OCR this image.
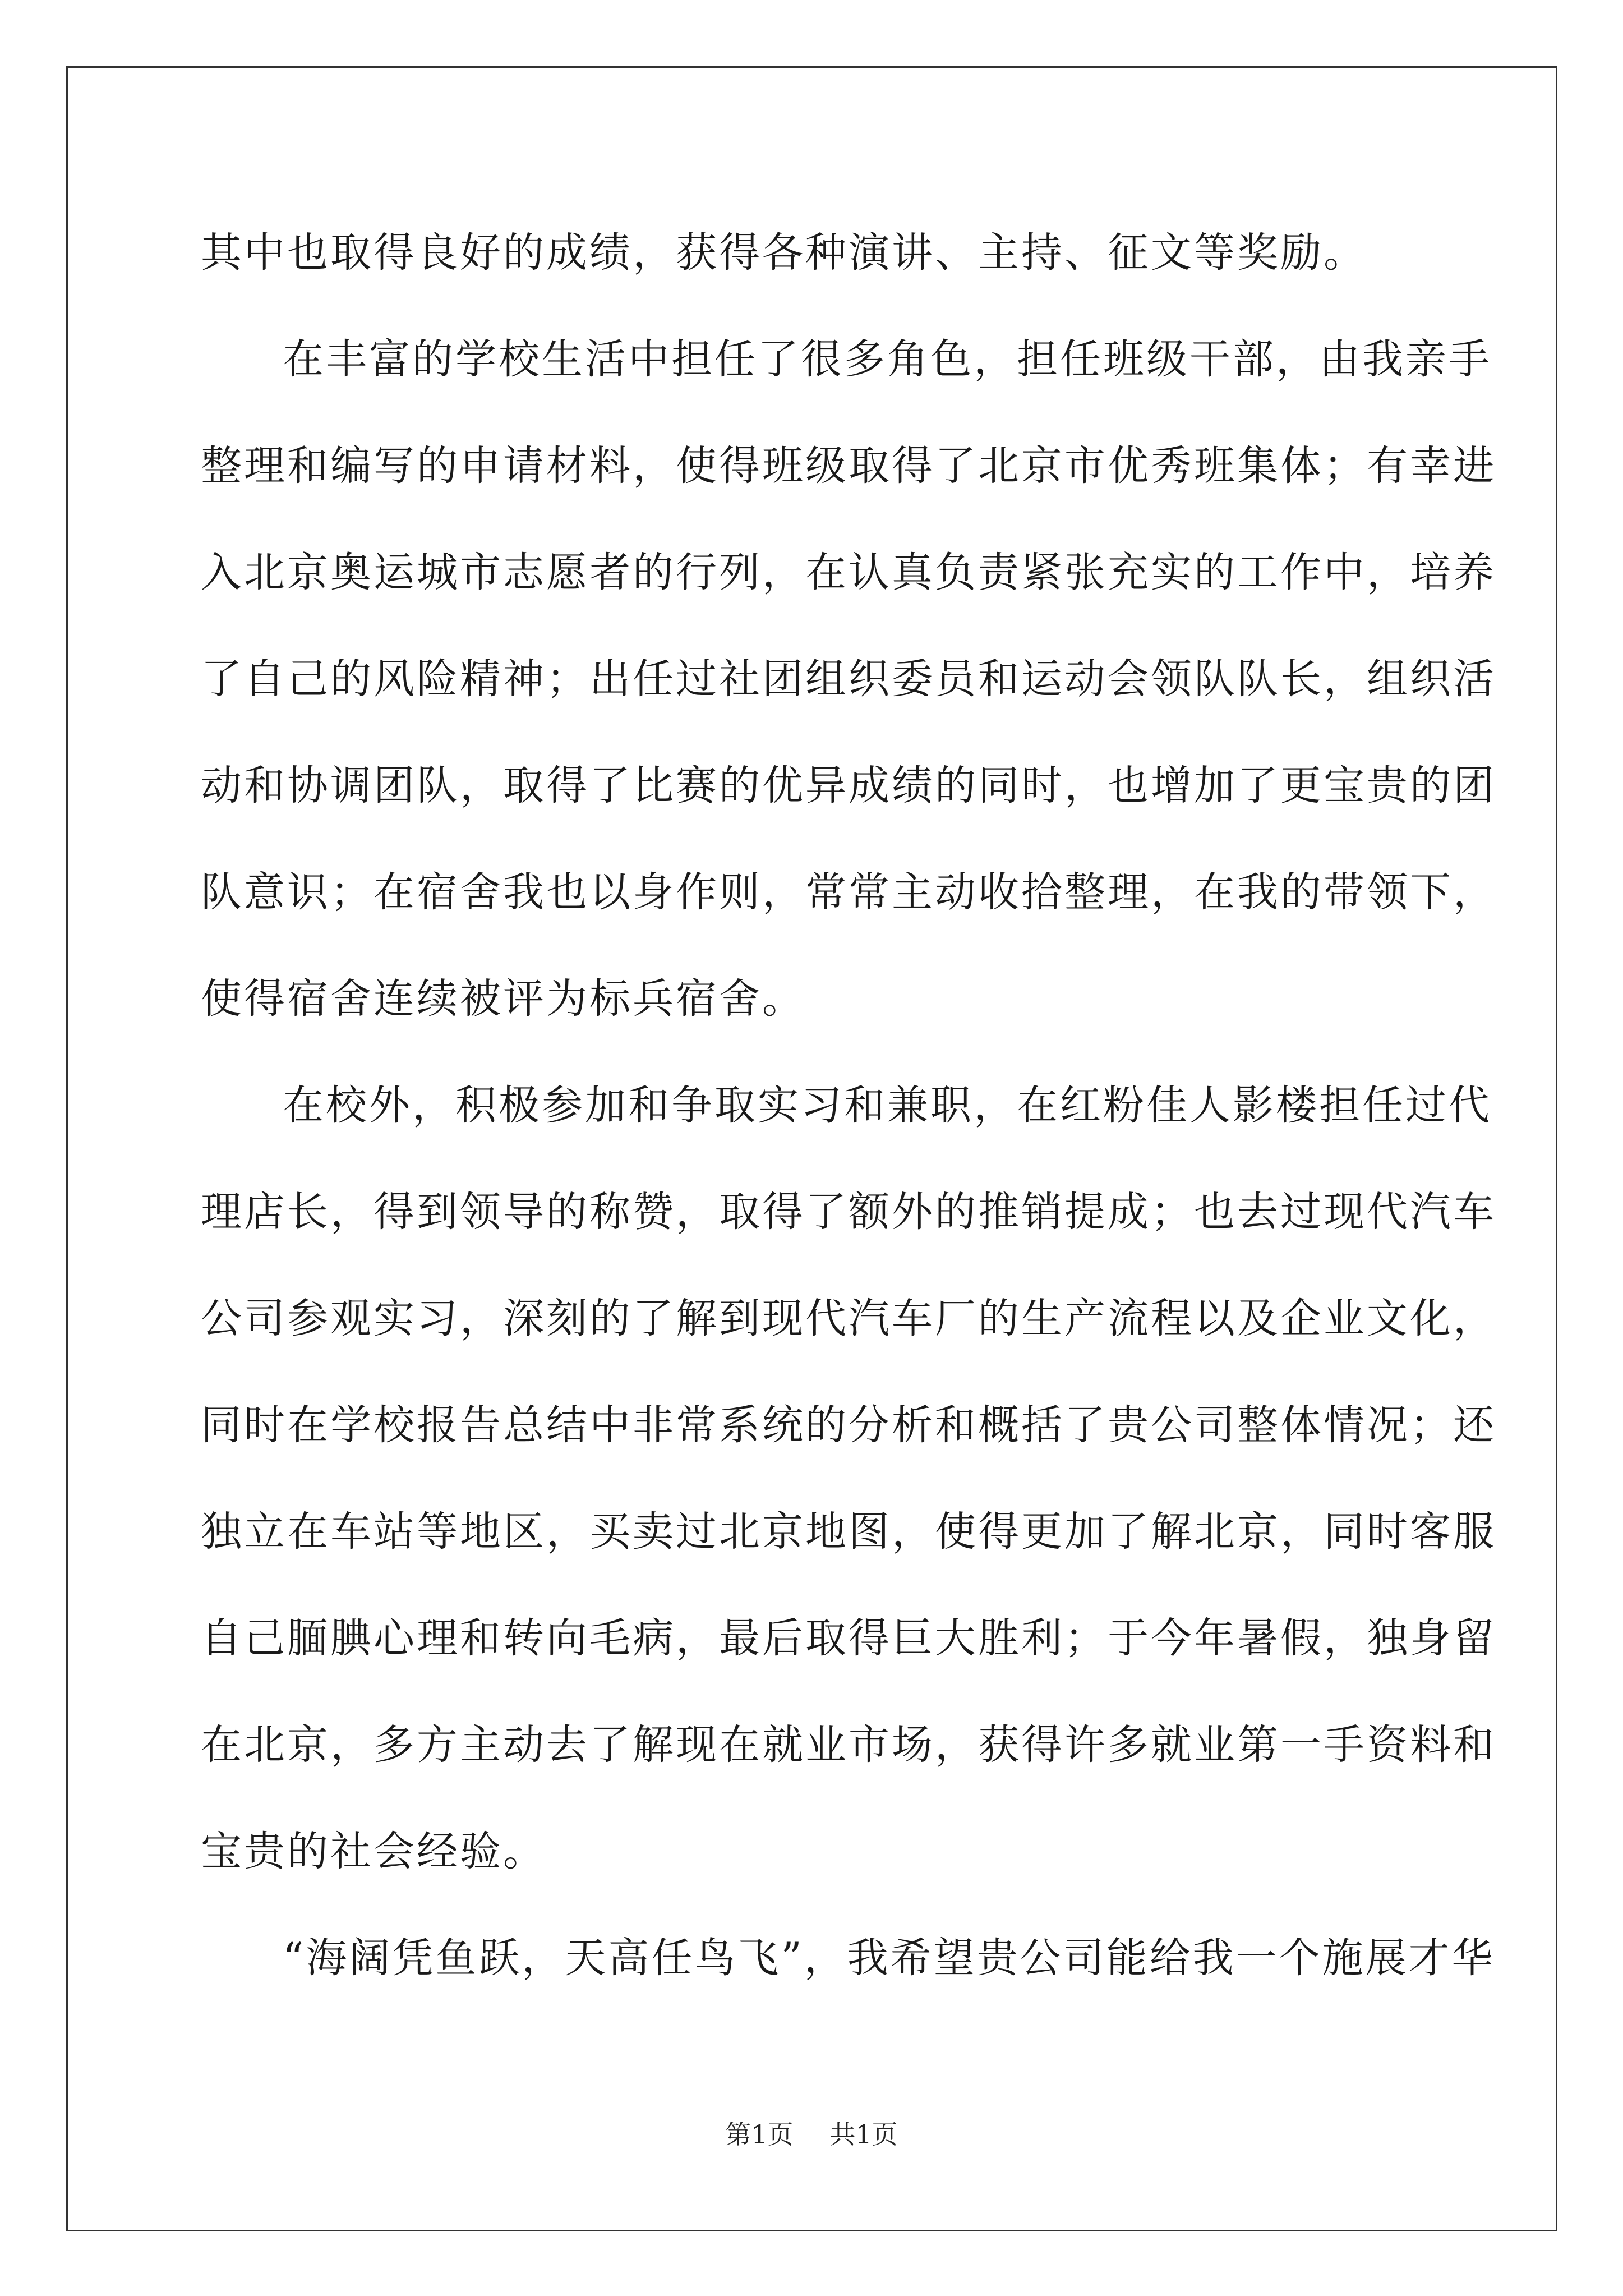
其中也取得良好的成绩，获得各种演讲、主持、征文等奖励。
在丰富的学校生活中担任了很多角色，担任班级干部，由我亲手
整理和编写的申请材料，使得班级取得了北京市优秀班集体；有幸进
入北京奥运城市志愿者的行列，在认真负责紧张充实的工作中，培养
了自己的风险精神；出任过社团组织委员和运动会领队队长，组织活
动和协调团队，取得了比赛的优异成绩的同时，也增加了更宝贵的团
队意识；在宿舍我也以身作则，常常主动收拾整理，在我的带领下，
使得宿舍连续被评为标兵宿舍。
在校外，积极参加和争取实习和兼职，在红粉佳人影楼担任过代
理店长，得到领导的称赞，取得了额外的推销提成；也去过现代汽车
公司参观实习，深刻的了解到现代汽车厂的生产流程以及企业文化，
同时在学校报告总结中非常系统的分析和概括了贵公司整体情况；还
独立在车站等地区，买卖过北京地图，使得更加了解北京，同时客服
自己腼腆心理和转向毛病，最后取得巨大胜利；于今年暑假，独身留
在北京，多方主动去了解现在就业市场，获得许多就业第一手资料和
宝贵的社会经验。
“海阔凭鱼跃，天高任鸟飞”，我希望贵公司能给我一个施展才华
第1页 共1页
